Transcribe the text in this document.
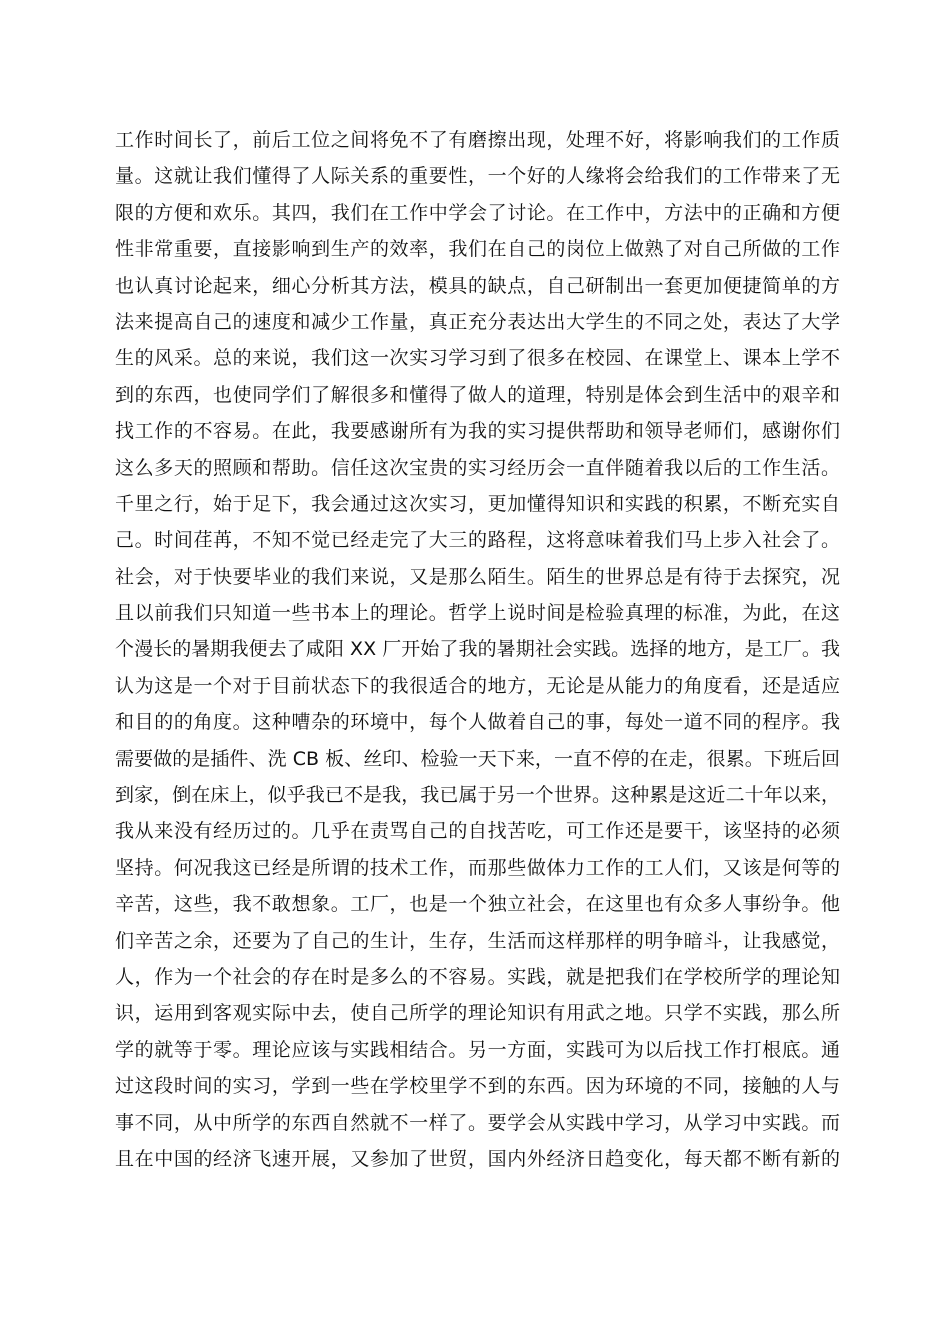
工作时间长了，前后工位之间将免不了有磨擦出现，处理不好，将影响我们的工作质
量。这就让我们懂得了人际关系的重要性，一个好的人缘将会给我们的工作带来了无
限的方便和欢乐。其四，我们在工作中学会了讨论。在工作中，方法中的正确和方便
性非常重要，直接影响到生产的效率，我们在自己的岗位上做熟了对自己所做的工作
也认真讨论起来，细心分析其方法，模具的缺点，自己研制出一套更加便捷简单的方
法来提高自己的速度和减少工作量，真正充分表达出大学生的不同之处，表达了大学
生的风采。总的来说，我们这一次实习学习到了很多在校园、在课堂上、课本上学不
到的东西，也使同学们了解很多和懂得了做人的道理，特别是体会到生活中的艰辛和
找工作的不容易。在此，我要感谢所有为我的实习提供帮助和领导老师们，感谢你们
这么多天的照顾和帮助。信任这次宝贵的实习经历会一直伴随着我以后的工作生活。
千里之行，始于足下，我会通过这次实习，更加懂得知识和实践的积累，不断充实自
己。时间荏苒，不知不觉已经走完了大三的路程，这将意味着我们马上步入社会了。
社会，对于快要毕业的我们来说，又是那么陌生。陌生的世界总是有待于去探究，况
且以前我们只知道一些书本上的理论。哲学上说时间是检验真理的标准，为此，在这
个漫长的暑期我便去了咸阳 XX 厂开始了我的暑期社会实践。选择的地方，是工厂。我
认为这是一个对于目前状态下的我很适合的地方，无论是从能力的角度看，还是适应
和目的的角度。这种嘈杂的环境中，每个人做着自己的事，每处一道不同的程序。我
需要做的是插件、洗 CB 板、丝印、检验一天下来，一直不停的在走，很累。下班后回
到家，倒在床上，似乎我已不是我，我已属于另一个世界。这种累是这近二十年以来，
我从来没有经历过的。几乎在责骂自己的自找苦吃，可工作还是要干，该坚持的必须
坚持。何况我这已经是所谓的技术工作，而那些做体力工作的工人们，又该是何等的
辛苦，这些，我不敢想象。工厂，也是一个独立社会，在这里也有众多人事纷争。他
们辛苦之余，还要为了自己的生计，生存，生活而这样那样的明争暗斗，让我感觉，
人，作为一个社会的存在时是多么的不容易。实践，就是把我们在学校所学的理论知
识，运用到客观实际中去，使自己所学的理论知识有用武之地。只学不实践，那么所
学的就等于零。理论应该与实践相结合。另一方面，实践可为以后找工作打根底。通
过这段时间的实习，学到一些在学校里学不到的东西。因为环境的不同，接触的人与
事不同，从中所学的东西自然就不一样了。要学会从实践中学习，从学习中实践。而
且在中国的经济飞速开展，又参加了世贸，国内外经济日趋变化，每天都不断有新的
